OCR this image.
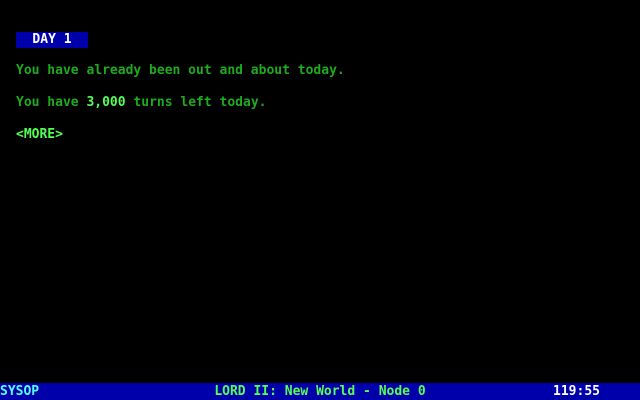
DAY 1
You have already been out and about today.
You have 3,000 turns left today.
<MORE>
LORD II: New World - Node 0
SYSOP	119:55
